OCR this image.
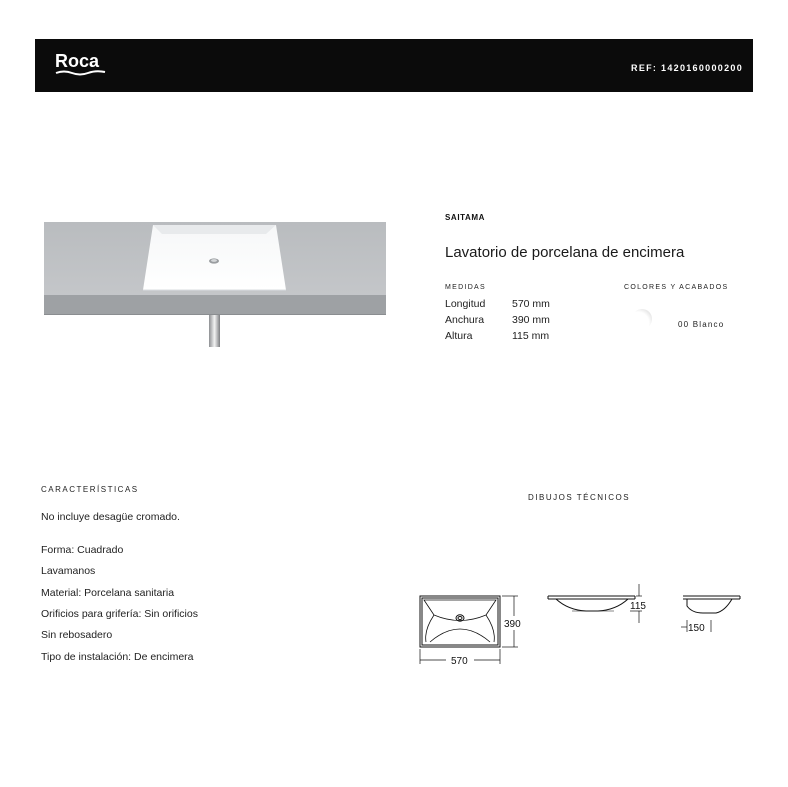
Roca	REF: 1420160000200
SAITAMA
Lavatorio de porcelana de encimera
MEDIDAS
Longitud	570 mm
Anchura	390 mm
Altura	115 mm
COLORES Y ACABADOS
00 Blanco
CARACTERÍSTICAS
No incluye desagüe cromado.
Forma: Cuadrado
Lavamanos
Material: Porcelana sanitaria
Orificios para grifería: Sin orificios
Sin rebosadero
Tipo de instalación: De encimera
DIBUJOS TÉCNICOS
570
390
115
150
